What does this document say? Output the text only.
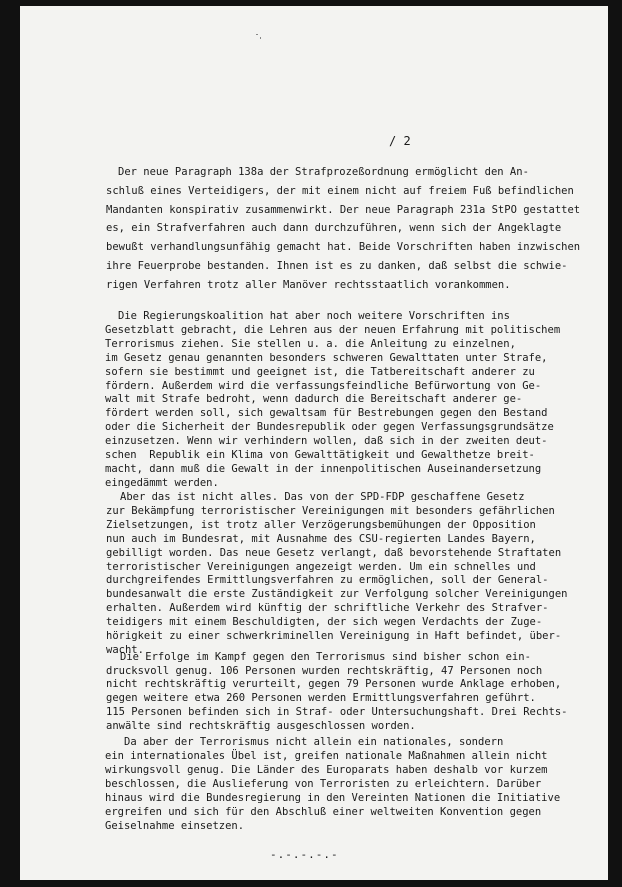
/ 2
Der neue Paragraph 138a der Strafprozeßordnung ermöglicht den An-
schluß eines Verteidigers, der mit einem nicht auf freiem Fuß befindlichen
Mandanten konspirativ zusammenwirkt. Der neue Paragraph 231a StPO gestattet
es, ein Strafverfahren auch dann durchzuführen, wenn sich der Angeklagte
bewußt verhandlungsunfähig gemacht hat. Beide Vorschriften haben inzwischen
ihre Feuerprobe bestanden. Ihnen ist es zu danken, daß selbst die schwie-
rigen Verfahren trotz aller Manöver rechtsstaatlich vorankommen.
Die Regierungskoalition hat aber noch weitere Vorschriften ins
Gesetzblatt gebracht, die Lehren aus der neuen Erfahrung mit politischem
Terrorismus ziehen. Sie stellen u. a. die Anleitung zu einzelnen,
im Gesetz genau genannten besonders schweren Gewalttaten unter Strafe,
sofern sie bestimmt und geeignet ist, die Tatbereitschaft anderer zu
fördern. Außerdem wird die verfassungsfeindliche Befürwortung von Ge-
walt mit Strafe bedroht, wenn dadurch die Bereitschaft anderer ge-
fördert werden soll, sich gewaltsam für Bestrebungen gegen den Bestand
oder die Sicherheit der Bundesrepublik oder gegen Verfassungsgrundsätze
einzusetzen. Wenn wir verhindern wollen, daß sich in der zweiten deut-
schen  Republik ein Klima von Gewalttätigkeit und Gewalthetze breit-
macht, dann muß die Gewalt in der innenpolitischen Auseinandersetzung
eingedämmt werden.
Aber das ist nicht alles. Das von der SPD-FDP geschaffene Gesetz
zur Bekämpfung terroristischer Vereinigungen mit besonders gefährlichen
Zielsetzungen, ist trotz aller Verzögerungsbemühungen der Opposition
nun auch im Bundesrat, mit Ausnahme des CSU-regierten Landes Bayern,
gebilligt worden. Das neue Gesetz verlangt, daß bevorstehende Straftaten
terroristischer Vereinigungen angezeigt werden. Um ein schnelles und
durchgreifendes Ermittlungsverfahren zu ermöglichen, soll der General-
bundesanwalt die erste Zuständigkeit zur Verfolgung solcher Vereinigungen
erhalten. Außerdem wird künftig der schriftliche Verkehr des Strafver-
teidigers mit einem Beschuldigten, der sich wegen Verdachts der Zuge-
hörigkeit zu einer schwerkriminellen Vereinigung in Haft befindet, über-
wacht.
Die Erfolge im Kampf gegen den Terrorismus sind bisher schon ein-
drucksvoll genug. 106 Personen wurden rechtskräftig, 47 Personen noch
nicht rechtskräftig verurteilt, gegen 79 Personen wurde Anklage erhoben,
gegen weitere etwa 260 Personen werden Ermittlungsverfahren geführt.
115 Personen befinden sich in Straf- oder Untersuchungshaft. Drei Rechts-
anwälte sind rechtskräftig ausgeschlossen worden.
Da aber der Terrorismus nicht allein ein nationales, sondern
ein internationales Übel ist, greifen nationale Maßnahmen allein nicht
wirkungsvoll genug. Die Länder des Europarats haben deshalb vor kurzem
beschlossen, die Auslieferung von Terroristen zu erleichtern. Darüber
hinaus wird die Bundesregierung in den Vereinten Nationen die Initiative
ergreifen und sich für den Abschluß einer weltweiten Konvention gegen
Geiselnahme einsetzen.
-.-.-.-.-
